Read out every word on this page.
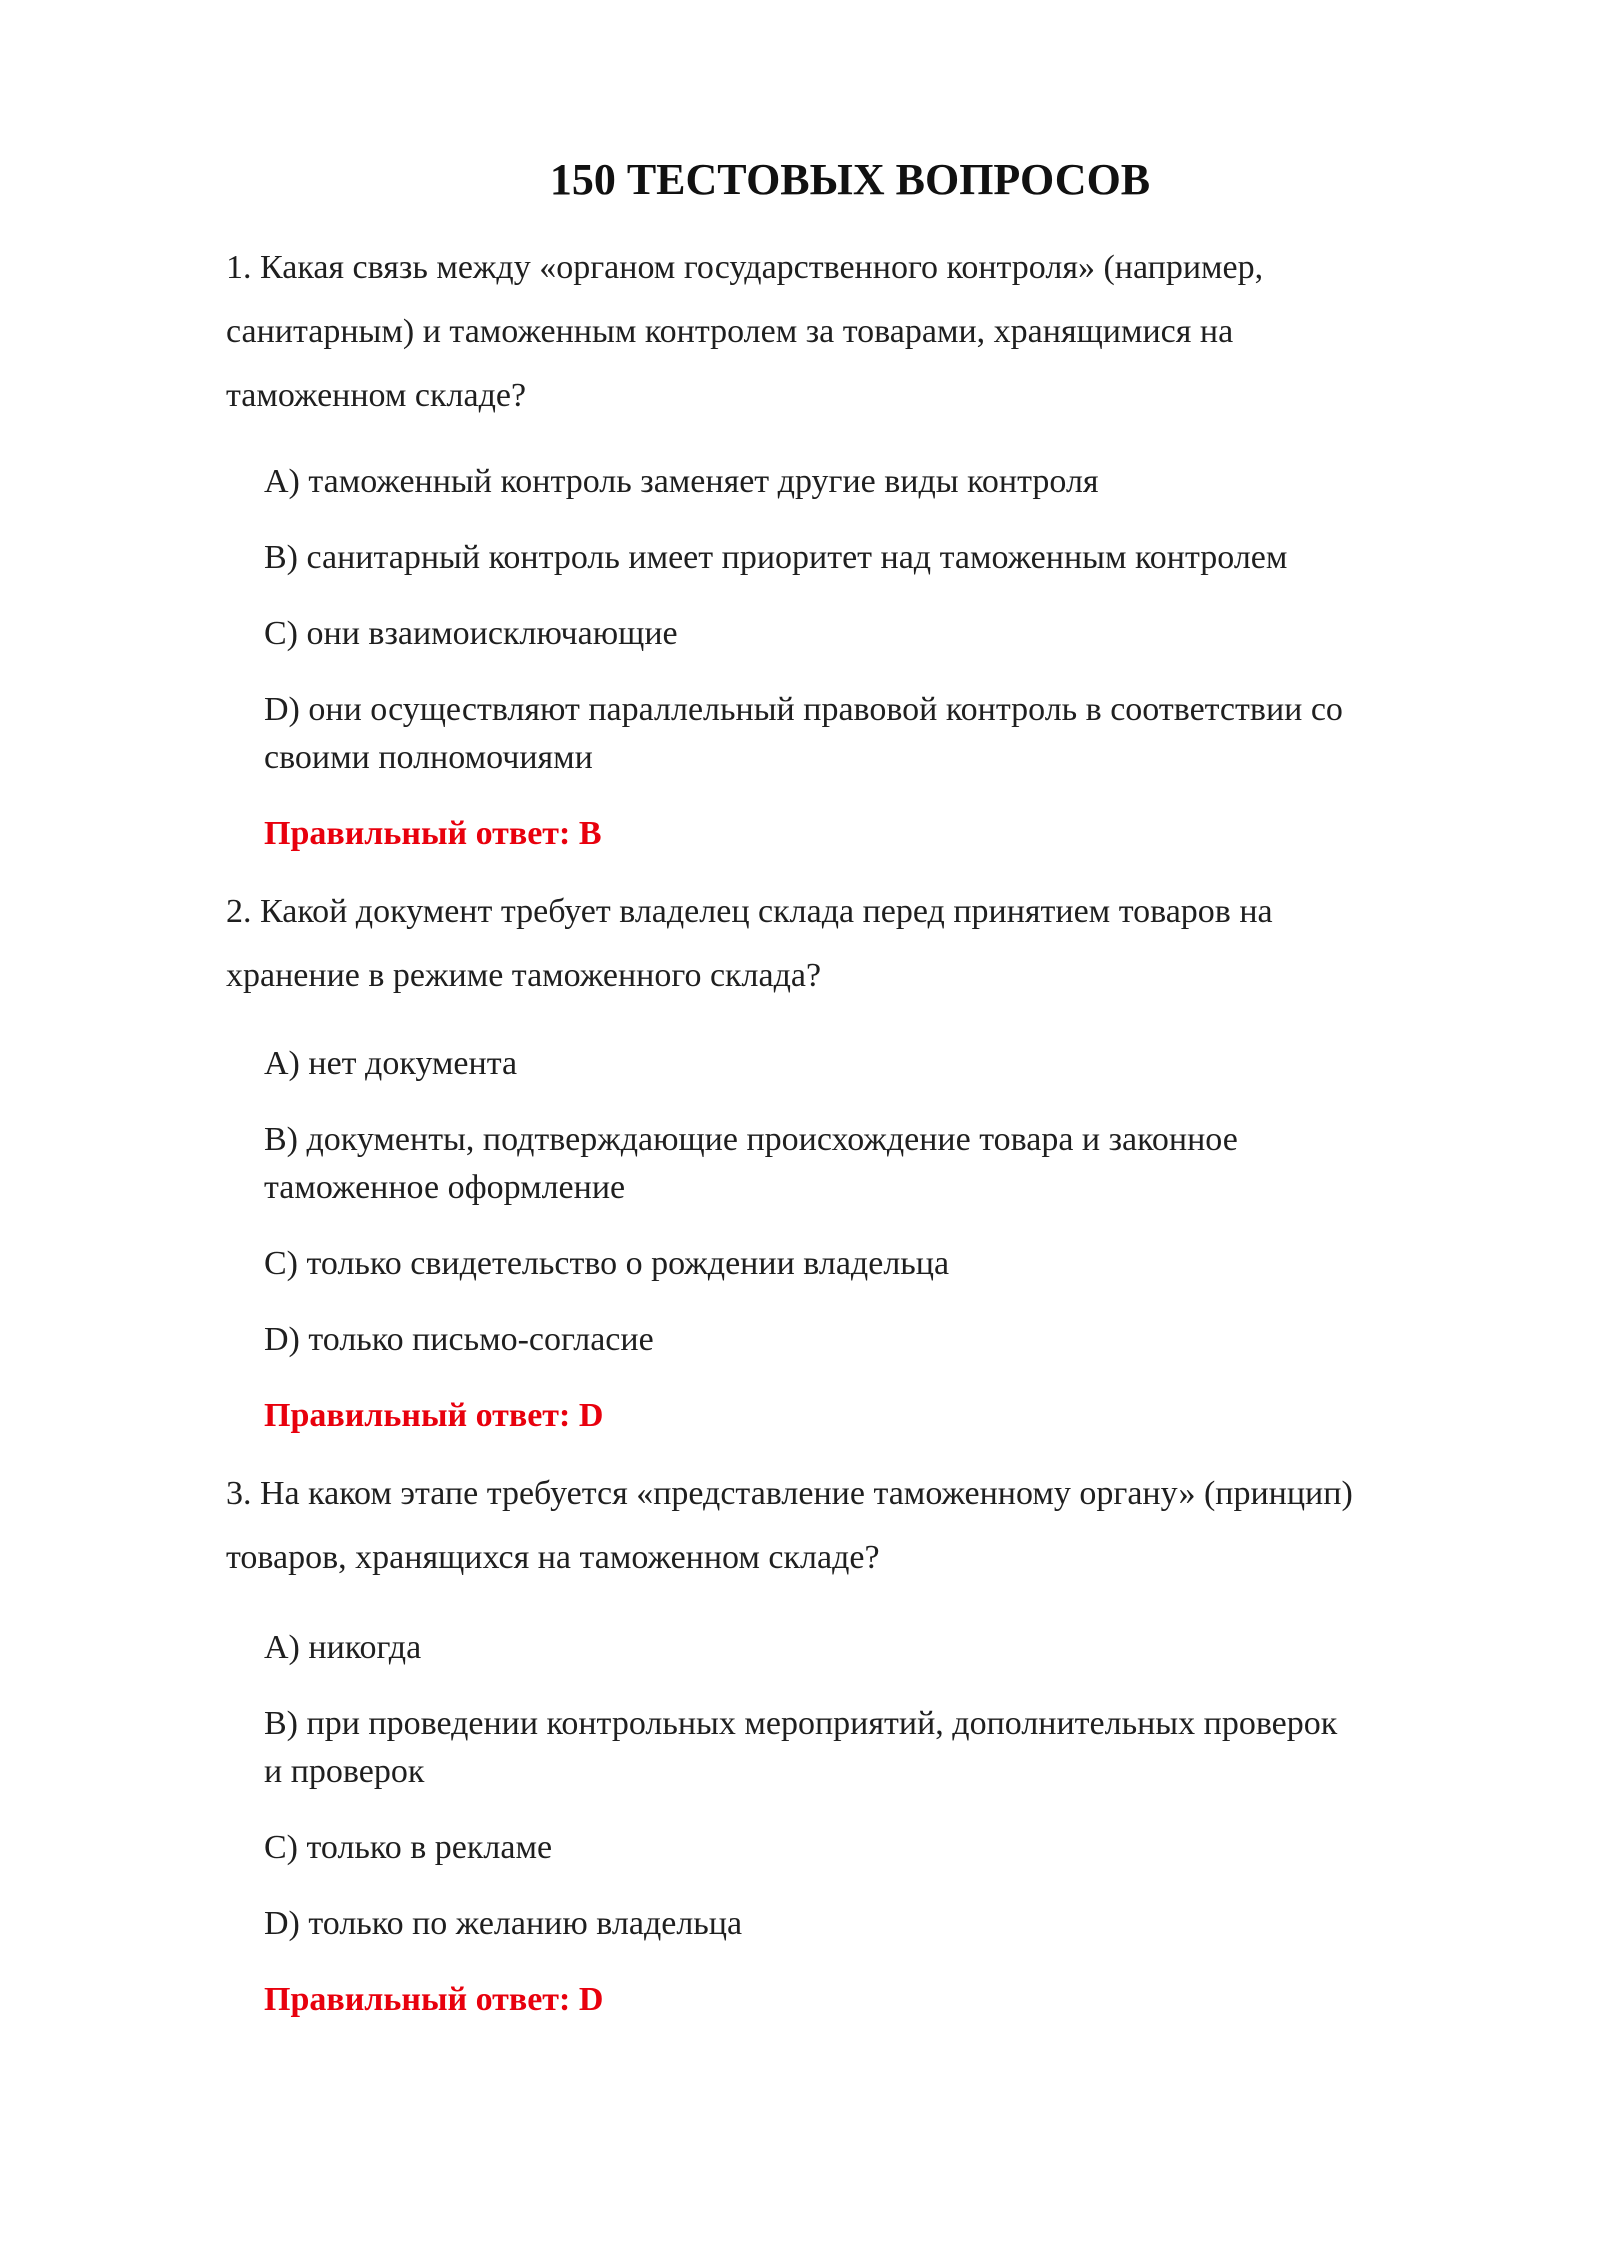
150 ТЕСТОВЫХ ВОПРОСОВ
1. Какая связь между «органом государственного контроля» (например,
санитарным) и таможенным контролем за товарами, хранящимися на
таможенном складе?
A) таможенный контроль заменяет другие виды контроля
B) санитарный контроль имеет приоритет над таможенным контролем
C) они взаимоисключающие
D) они осуществляют параллельный правовой контроль в соответствии со
своими полномочиями
Правильный ответ: B
2. Какой документ требует владелец склада перед принятием товаров на
хранение в режиме таможенного склада?
A) нет документа
B) документы, подтверждающие происхождение товара и законное
таможенное оформление
C) только свидетельство о рождении владельца
D) только письмо-согласие
Правильный ответ: D
3. На каком этапе требуется «представление таможенному органу» (принцип)
товаров, хранящихся на таможенном складе?
A) никогда
B) при проведении контрольных мероприятий, дополнительных проверок
и проверок
C) только в рекламе
D) только по желанию владельца
Правильный ответ: D
